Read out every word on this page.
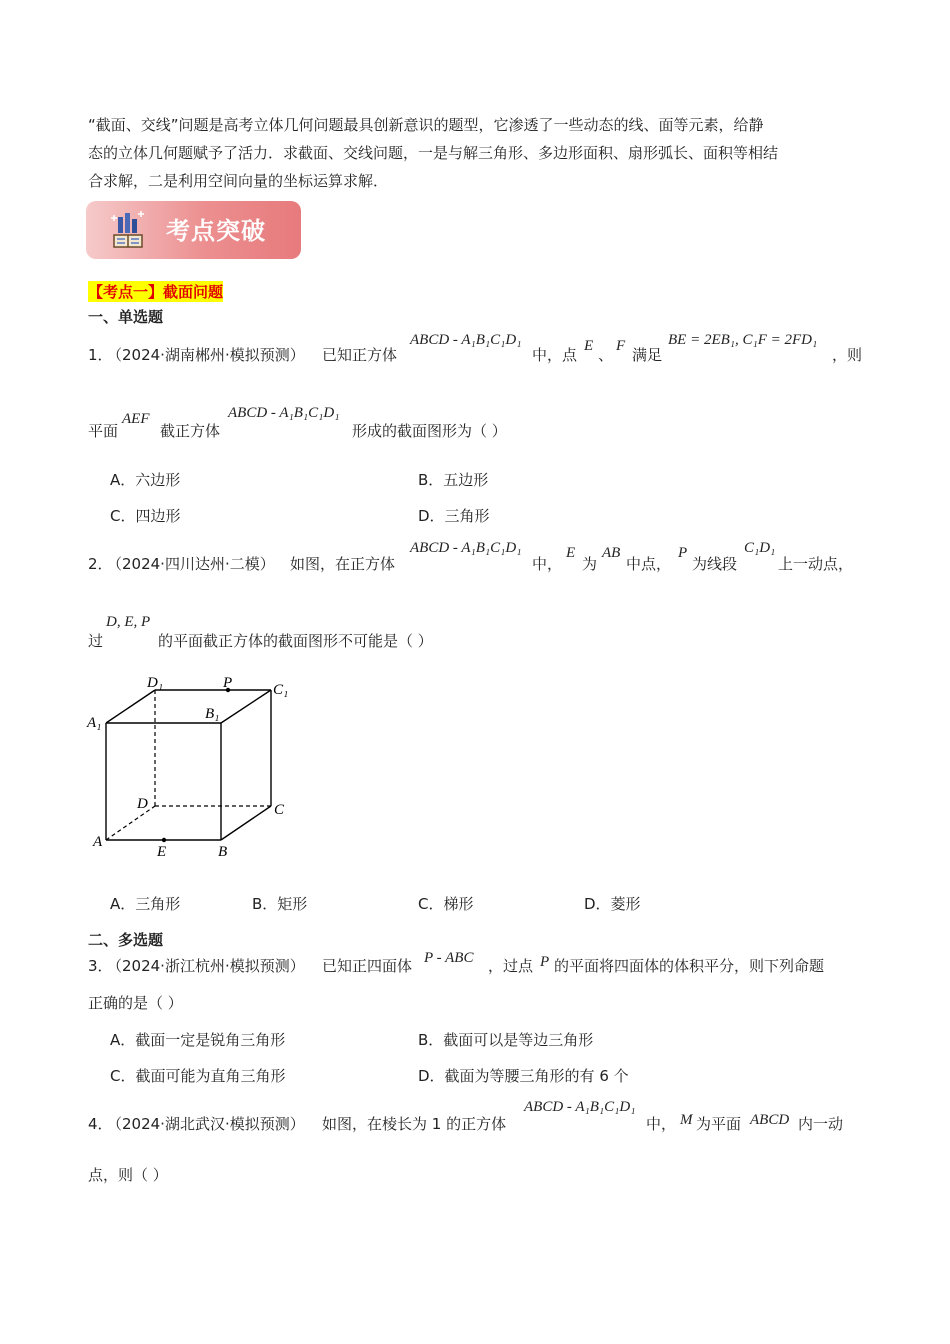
“截面、交线”问题是高考立体几何问题最具创新意识的题型，它渗透了一些动态的线、面等元素，给静
态的立体几何题赋予了活力．求截面、交线问题，一是与解三角形、多边形面积、扇形弧长、面积等相结
合求解，二是利用空间向量的坐标运算求解．
考点突破
【考点一】截面问题
一、单选题
1．
（2024·湖南郴州·模拟预测） 已知正方体
ABCD - A₁B₁C₁D₁
中，点 E 、 F 满足
BE = 2EB₁, C₁F = 2FD₁
，则
平面
AEF
截正方体
ABCD - A₁B₁C₁D₁
形成的截面图形为（ ）
A．六边形	B．五边形
C．四边形	D．三角形
2．
（2024·四川达州·二模） 如图，在正方体
ABCD - A₁B₁C₁D₁
中，
E
为
AB
中点，
P
为线段
C₁D₁
上一动点，
过
D, E, P
的平面截正方体的截面图形不可能是（ ）
D₁	P	C₁
A₁
B₁
D	C
A
E	B
A．三角形	B．矩形	C．梯形	D．菱形
二、多选题
3．
（2024·浙江杭州·模拟预测） 已知正四面体 P - ABC ，过点 P 的平面将四面体的体积平分，则下列命题
正确的是（ ）
A．截面一定是锐角三角形	B．截面可以是等边三角形
C．截面可能为直角三角形	D．截面为等腰三角形的有 6 个
4．
（2024·湖北武汉·模拟预测） 如图，在棱长为 1 的正方体
ABCD - A₁B₁C₁D₁
中， M 为平面 ABCD 内一动
点，则（ ）
